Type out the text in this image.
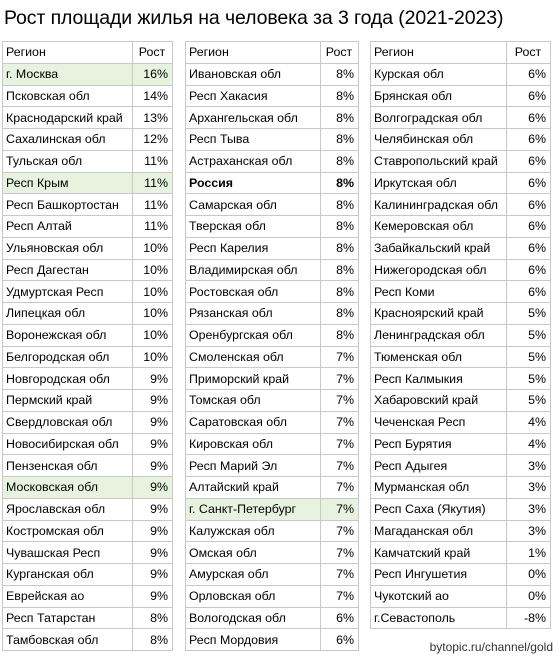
Рост площади жилья на человека за 3 года (2021-2023)
Регион	Рост
г. Москва	16%
Псковская обл	14%
Краснодарский край	13%
Сахалинская обл	12%
Тульская обл	11%
Респ Крым	11%
Респ Башкортостан	11%
Респ Алтай	11%
Ульяновская обл	10%
Респ Дагестан	10%
Удмуртская Респ	10%
Липецкая обл	10%
Воронежская обл	10%
Белгородская обл	10%
Новгородская обл	9%
Пермский край	9%
Свердловская обл	9%
Новосибирская обл	9%
Пензенская обл	9%
Московская обл	9%
Ярославская обл	9%
Костромская обл	9%
Чувашская Респ	9%
Курганская обл	9%
Еврейская ао	9%
Респ Татарстан	8%
Тамбовская обл	8%
Регион	Рост
Ивановская обл	8%
Респ Хакасия	8%
Архангельская обл	8%
Респ Тыва	8%
Астраханская обл	8%
Россия	8%
Самарская обл	8%
Тверская обл	8%
Респ Карелия	8%
Владимирская обл	8%
Ростовская обл	8%
Рязанская обл	8%
Оренбургская обл	8%
Смоленская обл	7%
Приморский край	7%
Томская обл	7%
Саратовская обл	7%
Кировская обл	7%
Респ Марий Эл	7%
Алтайский край	7%
г. Санкт-Петербург	7%
Калужская обл	7%
Омская обл	7%
Амурская обл	7%
Орловская обл	7%
Вологодская обл	6%
Респ Мордовия	6%
Регион	Рост
Курская обл	6%
Брянская обл	6%
Волгоградская обл	6%
Челябинская обл	6%
Ставропольский край	6%
Иркутская обл	6%
Калининградская обл	6%
Кемеровская обл	6%
Забайкальский край	6%
Нижегородская обл	6%
Респ Коми	6%
Красноярский край	5%
Ленинградская обл	5%
Тюменская обл	5%
Респ Калмыкия	5%
Хабаровский край	5%
Чеченская Респ	4%
Респ Бурятия	4%
Респ Адыгея	3%
Мурманская обл	3%
Респ Саха (Якутия)	3%
Магаданская обл	3%
Камчатский край	1%
Респ Ингушетия	0%
Чукотский ао	0%
г.Севастополь	-8%
bytopic.ru/channel/gold
